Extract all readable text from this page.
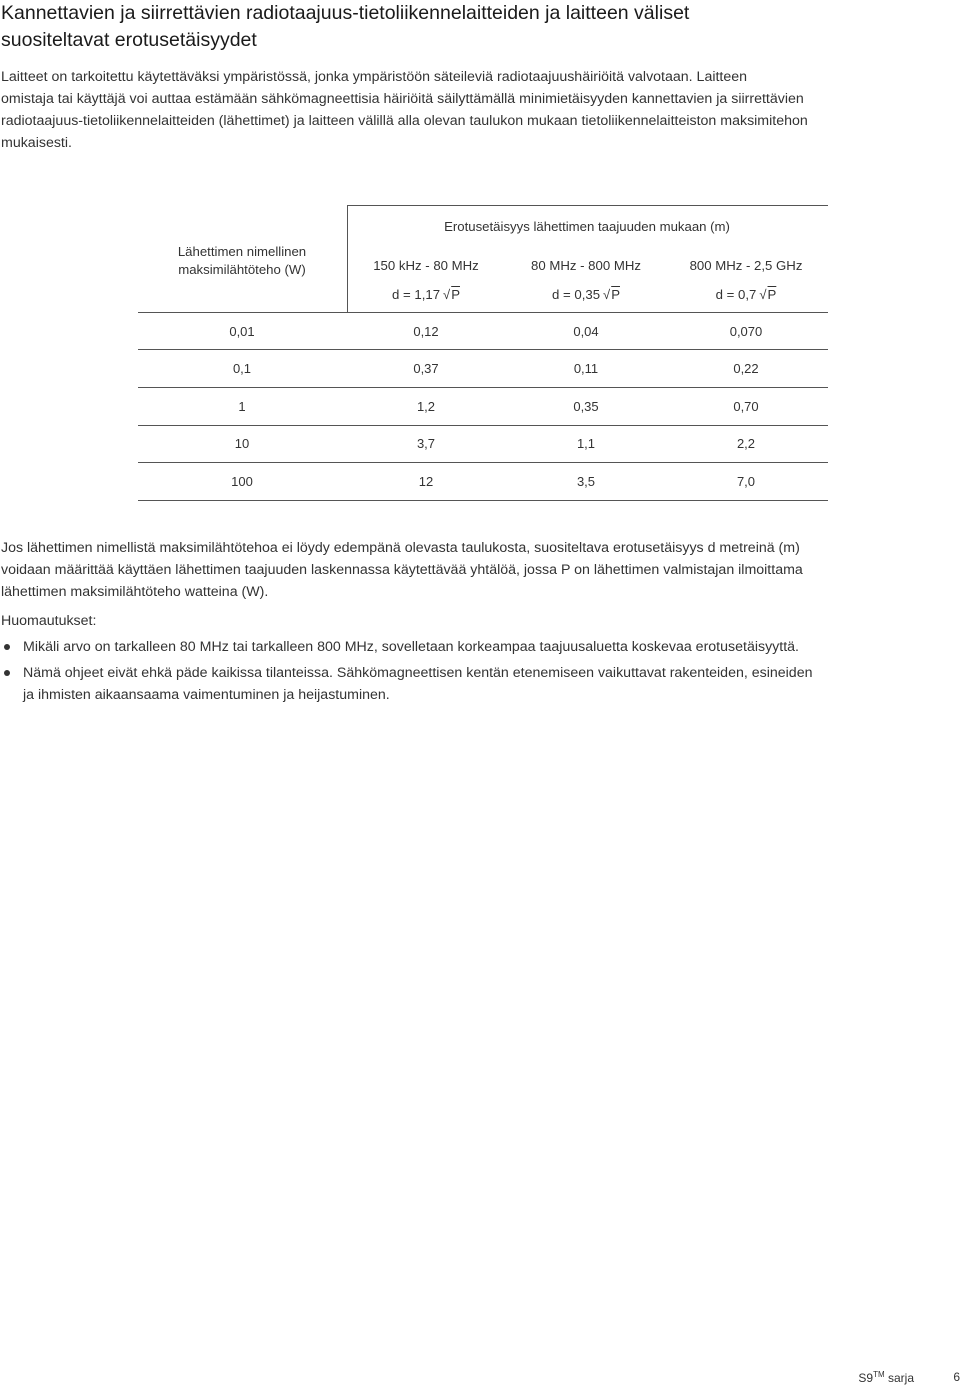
Kannettavien ja siirrettävien radiotaajuus-tietoliikennelaitteiden ja laitteen väliset
suositeltavat erotusetäisyydet
Laitteet on tarkoitettu käytettäväksi ympäristössä, jonka ympäristöön säteileviä radiotaajuushäiriöitä valvotaan. Laitteen
omistaja tai käyttäjä voi auttaa estämään sähkömagneettisia häiriöitä säilyttämällä minimietäisyyden kannettavien ja siirrettävien
radiotaajuus-tietoliikennelaitteiden (lähettimet) ja laitteen välillä alla olevan taulukon mukaan tietoliikennelaitteiston maksimitehon
mukaisesti.
Lähettimen nimellinen
maksimilähtöteho (W)
Erotusetäisyys lähettimen taajuuden mukaan (m)
150 kHz - 80 MHz	80 MHz - 800 MHz	800 MHz - 2,5 GHz
d = 1,17 √P	d = 0,35 √P	d = 0,7 √P
0,01	0,12	0,04	0,070
0,1	0,37	0,11	0,22
1	1,2	0,35	0,70
10	3,7	1,1	2,2
100	12	3,5	7,0
Jos lähettimen nimellistä maksimilähtötehoa ei löydy edempänä olevasta taulukosta, suositeltava erotusetäisyys d metreinä (m)
voidaan määrittää käyttäen lähettimen taajuuden laskennassa käytettävää yhtälöä, jossa P on lähettimen valmistajan ilmoittama
lähettimen maksimilähtöteho watteina (W).
Huomautukset:
Mikäli arvo on tarkalleen 80 MHz tai tarkalleen 800 MHz, sovelletaan korkeampaa taajuusaluetta koskevaa erotusetäisyyttä.
Nämä ohjeet eivät ehkä päde kaikissa tilanteissa. Sähkömagneettisen kentän etenemiseen vaikuttavat rakenteiden, esineiden
ja ihmisten aikaansaama vaimentuminen ja heijastuminen.
S9™ sarja	6
